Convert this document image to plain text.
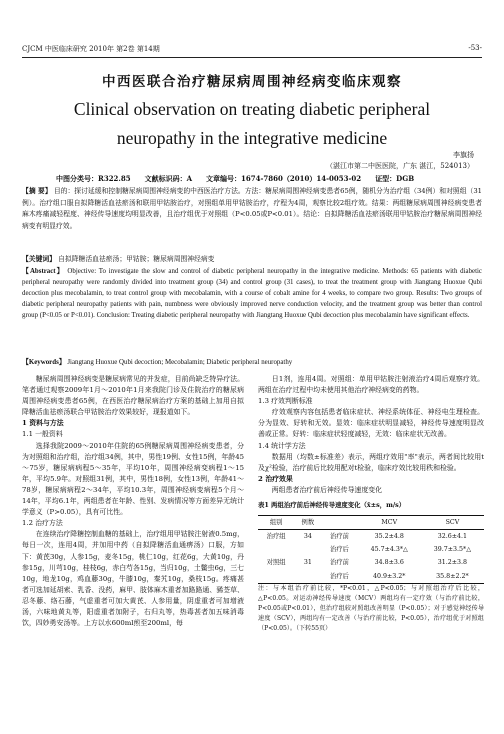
CJCM 中医临床研究 2010年 第2卷 第14期	-53-
中西医联合治疗糖尿病周围神经病变临床观察
Clinical observation on treating diabetic peripheral neuropathy in the integrative medicine
李旗扬
（湛江市第二中医医院，广东 湛江，524013）
中图分类号：R322.85 文献标识码：A 文章编号：1674-7860（2010）14-0053-02 证型：DGB
【摘 要】 目的：探讨延缓和控制糖尿病周围神经病变的中西医治疗方法。方法：糖尿病周围神经病变患者65例，随机分为治疗组（34例）和对照组（31例）。治疗组口服自拟降糖活血祛瘀汤和联用甲钴胺治疗，对照组单用甲钴胺治疗，疗程为4周，观察比较2组疗效。结果：两组糖尿病周围神经病变患者麻木疼痛减轻程度、神经传导速度均明显改善，且治疗组优于对照组（P<0.05或P<0.01）。结论：自拟降糖活血祛瘀汤联用甲钴胺治疗糖尿病周围神经病变有明显疗效。
【关键词】 自拟降糖活血祛瘀汤；甲钴胺；糖尿病周围神经病变
【Abstract】 Objective: To investigate the slow and control of diabetic peripheral neuropathy in the integrative medicine. Methods: 65 patients with diabetic peripheral neuropathy were randomly divided into treatment group (34) and control group (31 cases), to treat the treatment group with Jiangtang Huoxue Qubi decoction plus mecobalamin, to treat control group with mecobalamin, with a course of cobalt amine for 4 weeks, to compare two group. Results: Two groups of diabetic peripheral neuropathy patients with pain, numbness were obviously improved nerve conduction velocity, and the treatment group was better than control group (P<0.05 or P<0.01). Conclusion: Treating diabetic peripheral neuropathy with Jiangtang Huoxue Qubi decoction plus mecobalamin have significant effects.
【Keywords】 Jiangtang Huoxue Qubi decoction; Mecobalamin; Diabetic peripheral neuropathy

糖尿病周围神经病变是糖尿病常见的并发症，目前尚缺乏特异疗法。笔者通过观察2009年1月～2010年1月来我院门诊及住院治疗的糖尿病周围神经病变患者65例，在西医治疗糖尿病治疗方案的基础上加用自拟降糖活血祛瘀汤联合甲钴胺治疗效果较好，现报道如下。

1 资料与方法
1.1 一般资料

选择我院2009～2010年住院的65例糖尿病周围神经病变患者，分为对照组和治疗组，治疗组34例，其中，男性19例、女性15例，年龄45～75岁，糖尿病病程5～35年，平均10年，周围神经病变病程1～15年，平均5.9年。对照组31例，其中，男性18例，女性13例，年龄41～78岁，糖尿病病程2～34年，平均10.3年，周围神经病变病程5个月～14年，平均6.1年，两组患者在年龄、性别、发病情况等方面差异无统计学意义（P>0.05），具有可比性。

1.2 治疗方法

在连续治疗降糖控制血糖的基础上，治疗组用甲钴胺注射液0.5mg，每日一次，连用4周，并加用中药（自拟降糖活血通痹汤）口服，方如下：黄芪30g，人参15g，麦冬15g，桃仁10g，红花6g，大黄10g，丹参15g，川芎10g，桂枝6g，赤白芍各15g，当归10g，土鳖虫6g，三七10g，地龙10g，鸡血藤30g，牛膝10g，秦艽10g，桑枝15g。疼痛甚者可选加延胡索、乳香、没药，麻甲、肢体麻木重者加路路通、豨莶草、忍冬藤、络石藤，气虚重者可加大黄芪、人参用量，阴虚重者可加增液汤，六味地黄丸等，阳虚重者加附子，右归丸等，热毒甚者加五味消毒饮，四妙勇安汤等。上方以水600ml煎至200ml，每

日1剂，连用4周。对照组：单用甲钴胺注射液治疗4周后观察疗效。两组在治疗过程中均未使用其他治疗神经病变的药物。

1.3 疗效判断标准

疗效观察内容包括患者临床症状、神经系统体征、神经电生理检查。分为显效、好转和无效。显效：临床症状明显减轻，神经传导速度明显改善或正常。好转：临床症状轻度减轻，无效：临床症状无改善。

1.4 统计学方法

数据用（均数±标准差）表示，两组疗效用"率"表示，两者间比较用t及χ²检验，治疗前后比较用配对t检验，临床疗效比较用秩和检验。

2 治疗效果

两组患者治疗前后神经传导速度变化

表1 两组治疗前后神经传导速度变化（x̄±s，m/s）
组别	例数		MCV	SCV
治疗组	34	治疗前	35.2±4.8	32.6±4.1
		治疗后	45.7±4.3*△	39.7±3.5*△
对照组	31	治疗前	34.8±3.6	31.2±3.8
		治疗后	40.9±3.2*	35.8±2.2*
注：与本组治疗前比较，*P<0.01，△P<0.05；与对照组治疗后比较，△P<0.05。对运动神经传导速度（MCV）两组均有一定疗效（与治疗前比较，P<0.05或P<0.01），但治疗组较对照组改善明显（P<0.05）；对于感觉神经传导速度（SCV），两组均有一定改善（与治疗前比较，P<0.05），治疗组优于对照组（P<0.05）。（下转55页）
